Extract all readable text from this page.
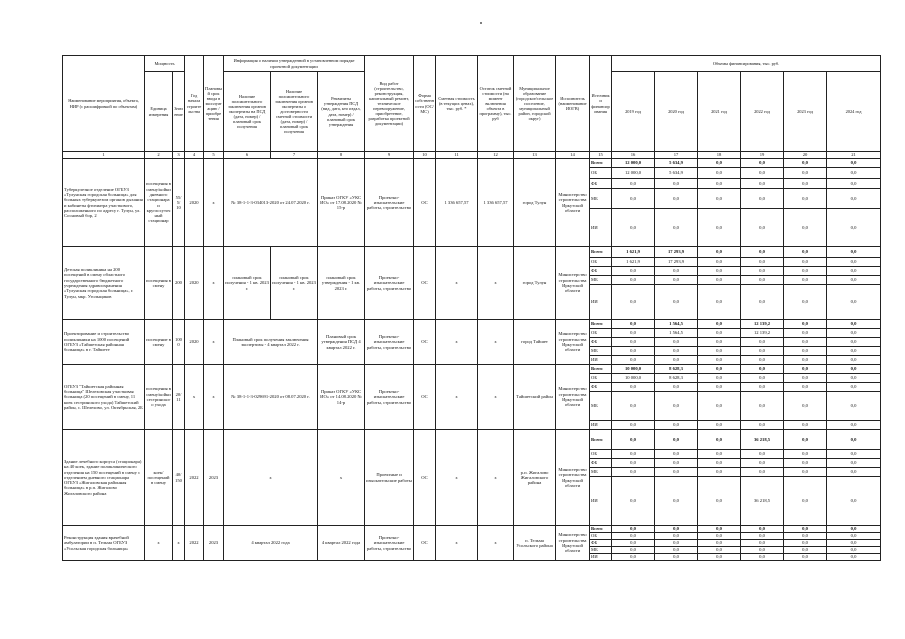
Наименование мероприятия, объекта, НИР (с расшифровкой по объектам)	Мощность		Год начала строительства	Плановый срок ввода в эксплуатацию / приобретения	Информация о наличии утвержденной в установленном порядке проектной документации			Вид работ (строительство, реконструкция, капитальный ремонт, техническое перевооружение, приобретение, разработка проектной документации)	Форма собственности (ОС/МС)	Сметная стоимость (в текущих ценах), тыс. руб. *	Остаток сметной стоимости (на момент включения объекта в программу), тыс. руб	Муниципальное образование (городское/сельское поселение, муниципальный район, городской округ)	Исполнитель (наименование ИОГВ)	Источники финансирования	Объемы финансирования, тыс. руб.					
	Единица измерения	Значение			Наличие положительного заключения органов экспертизы на ПСД (дата, номер) / плановый срок получения	Наличие положительного заключения органов экспертизы о достоверности сметной стоимости (дата, номер) / плановый срок получения	Реквизиты утверждения ПСД (вид, дата, кто издал, дата, номер) / плановый срок утверждения								2019 год	2020 год	2021 год	2022 год	2023 год	2024 год
1	2	3	4	5	6	7	8	9	10	11	12	13	14	15	16	17	18	19	20	21
Туберкулезное отделение ОГБУЗ «Тулунская городская больница» для больных туберкулезом органов дыхания и кабинеты фтизиатра участкового, расположенного по адресу г. Тулун, ул. Сосновый бор, 2	посещения в смену/койки дневного стационара и круглосуточный стационар	55/ 5/ 10	2020	x	№ 38-1-1-3-034013-2020 от 24.07.2020 г.		Приказ ОГКУ «УКС ИО» от 17.08.2020 № 15-р	Проектно-изыскательские работы, строительство	ОС	1 336 657,57	1 336 657,57	город Тулун	Министерство строительства Иркутской области	Всего	12 000,0	5 634,9	0,0	0,0	0,0	0,0
														ОБ	12 000,0	5 634,9	0,0	0,0	0,0	0,0
														ФБ	0,0	0,0	0,0	0,0	0,0	0,0
														МБ	0,0	0,0	0,0	0,0	0,0	0,0
														ИИ	0,0	0,0	0,0	0,0	0,0	0,0
Детская поликлиника на 200 посещений в смену областного государственного бюджетного учреждения здравоохранения «Тулунская городская больница», г. Тулун, мкр. Угольщиков	посещения в смену	200	2020	x	плановый срок получения - 1 кв. 2023 г.	плановый срок получения - 1 кв. 2023 г.	плановый срок утверждения - 1 кв. 2023 г.	Проектно-изыскательские работы, строительство	ОС	x	x	город Тулун	Министерство строительства Иркутской области	Всего	1 621,9	17 293,9	0,0	0,0	0,0	0,0
														ОБ	1 621,9	17 293,9	0,0	0,0	0,0	0,0
														ФБ	0,0	0,0	0,0	0,0	0,0	0,0
														МБ	0,0	0,0	0,0	0,0	0,0	0,0
														ИИ	0,0	0,0	0,0	0,0	0,0	0,0
Проектирование и строительство поликлиники на 1000 посещений ОГБУЗ «Тайшетская районная больница» в г. Тайшете	посещение в смену	1000	2020	x	Плановый срок получения заключения экспертизы - 4 квартал 2022 г.		Плановый срок утверждения ПСД 4 квартал 2022 г.	Проектно-изыскательские работы, строительство	ОС	x	x	город Тайшет	Министерство строительства Иркутской области	Всего	0,0	1 564,5	0,0	12 139,2	0,0	0,0
														ОБ	0,0	1 564,5	0,0	12 139,2	0,0	0,0
														ФБ	0,0	0,0	0,0	0,0	0,0	0,0
														МБ	0,0	0,0	0,0	0,0	0,0	0,0
														ИИ	0,0	0,0	0,0	0,0	0,0	0,0
ОГБУЗ "Тайшетская районная больница" Шелеховская участковая больница (20 посещений в смену, 11 коек сестринского ухода) Тайшетский район, с. Шелехово, ул. Октябрьская, 2Б	посещения в смену/койки сестринского ухода	20/ 11	x	x	№ 38-1-1-3-029691-2020 от 08.07.2020 г.		Приказ ОГКУ «УКС ИО» от 14.08.2020 № 14-р	Проектно-изыскательские работы, строительство	ОС	x	x	Тайшетский район	Министерство строительства Иркутской области	Всего	10 000,0	8 628,3	0,0	0,0	0,0	0,0
														ОБ	10 000,0	8 628,3	0,0	0,0	0,0	0,0
														ФБ	0,0	0,0	0,0	0,0	0,0	0,0
														МБ	0,0	0,0	0,0	0,0	0,0	0,0
														ИИ	0,0	0,0	0,0	0,0	0,0	0,0
Здание лечебного корпуса (стационара) на 40 коек, здание поликлинического отделения на 150 посещений в смену с отделением дневного стационара ОГБУЗ «Жигаловская районная больница» в р.п. Жигалово Жигаловского района	коек/ посещений в смену	40/ 150	2022	2023	x		x	Проектные и изыскательские работы	ОС	x	x	р.п. Жигалово Жигаловского района	Министерство строительства Иркутской области	Всего	0,0	0,0	0,0	36 218,5	0,0	0,0
														ОБ	0,0	0,0	0,0	0,0	0,0	0,0
														ФБ	0,0	0,0	0,0	0,0	0,0	0,0
														МБ	0,0	0,0	0,0	0,0	0,0	0,0
														ИИ	0,0	0,0	0,0	36 218,5	0,0	0,0
Реконструкция здания врачебной амбулатории в п. Тельма ОГБУЗ «Усольская городская больница»	x	x	2022	2023	4 квартал 2022 года		4 квартал 2022 года	Проектно-изыскательские работы, строительство	ОС	x	x	п. Тельма Усольского района	Министерство строительства Иркутской области	Всего	0,0	0,0	0,0	0,0	0,0	0,0
														ОБ	0,0	0,0	0,0	0,0	0,0	0,0
														ФБ	0,0	0,0	0,0	0,0	0,0	0,0
														МБ	0,0	0,0	0,0	0,0	0,0	0,0
														ИИ	0,0	0,0	0,0	0,0	0,0	0,0
